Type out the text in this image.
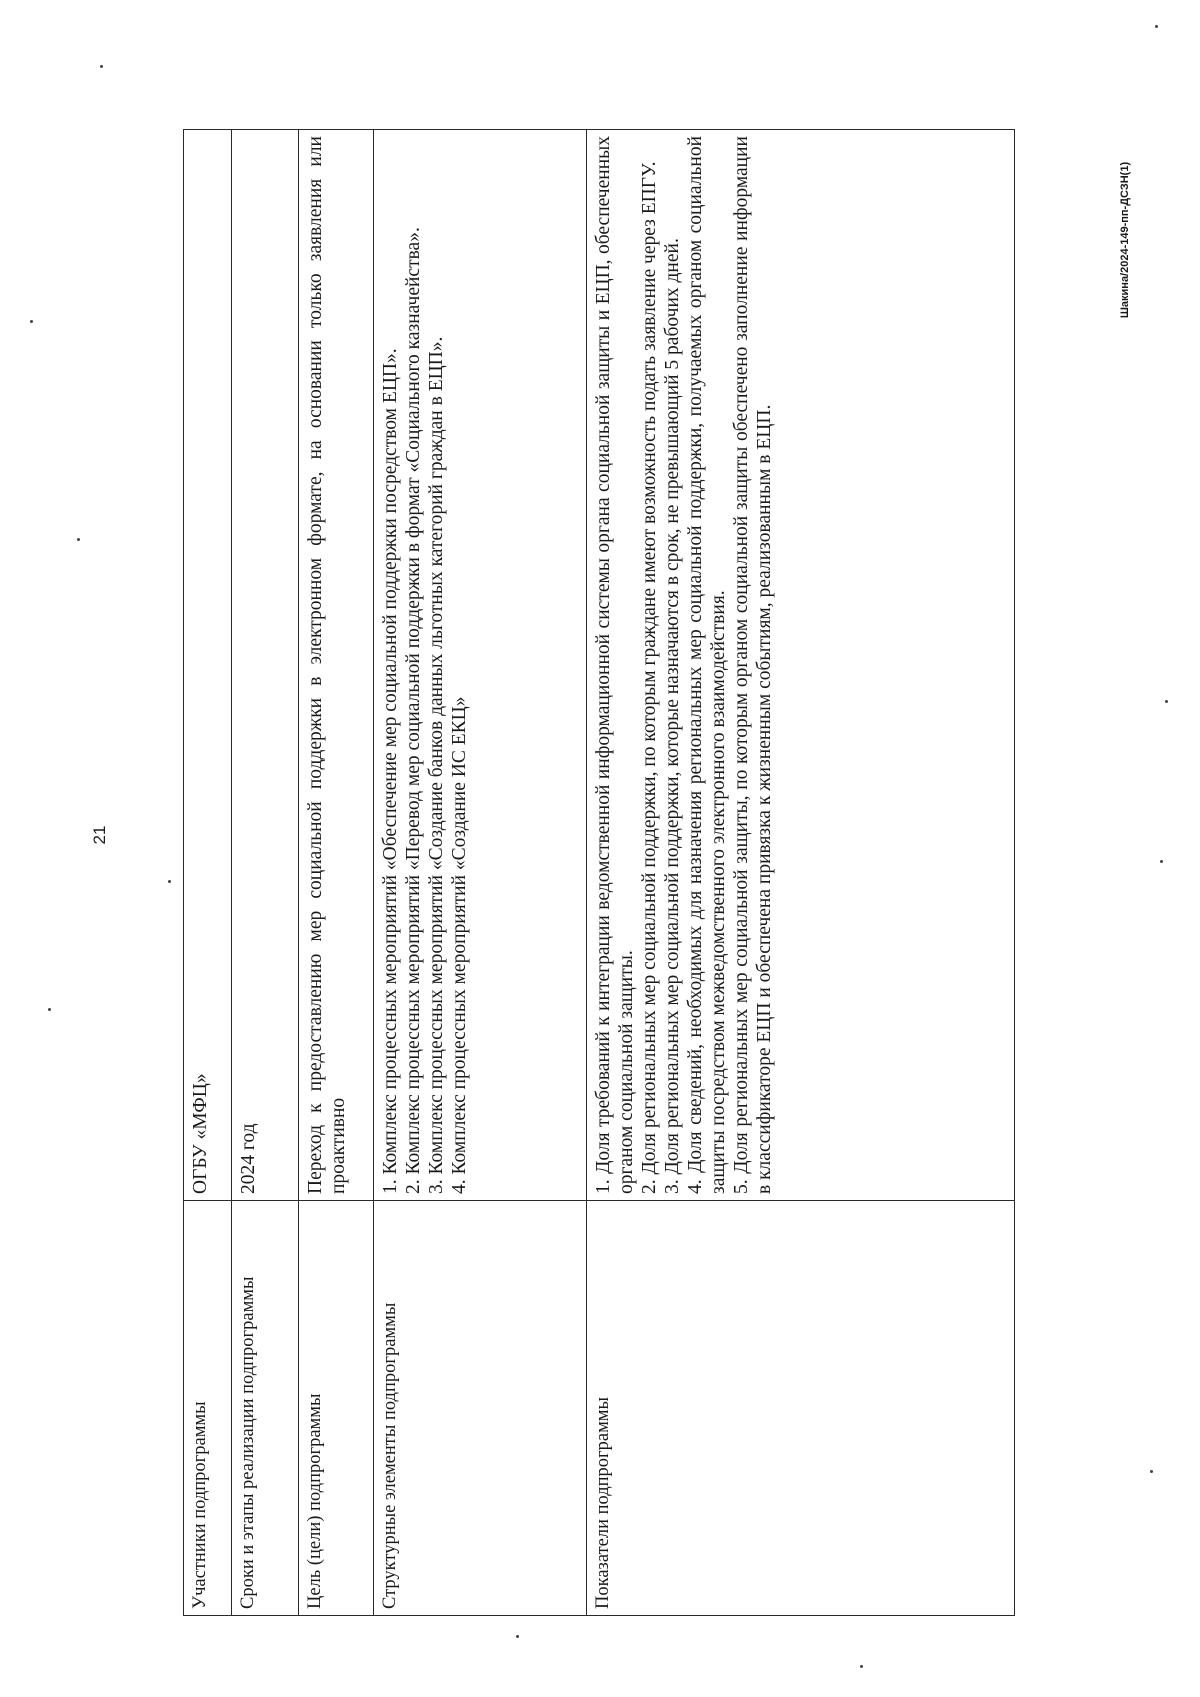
21
Шакина/2024-149-пп-ДСЗН(1)
Участники подпрограммы	ОГБУ «МФЦ»
Сроки и этапы реализации подпрограммы	2024 год
Цель (цели) подпрограммы	Переход к предоставлению мер социальной поддержки в электронном формате, на основании только заявления или проактивно
Структурные элементы подпрограммы	1. Комплекс процессных мероприятий «Обеспечение мер социальной поддержки посредством ЕЦП». 2. Комплекс процессных мероприятий «Перевод мер социальной поддержки в формат «Социального казначейства». 3. Комплекс процессных мероприятий «Создание банков данных льготных категорий граждан в ЕЦП». 4. Комплекс процессных мероприятий «Создание ИС ЕКЦ»

Показатели подпрограммы	1. Доля требований к интеграции ведомственной информационной системы органа социальной защиты и ЕЦП, обеспеченных органом социальной защиты. 2. Доля региональных мер социальной поддержки, по которым граждане имеют возможность подать заявление через ЕПГУ. 3. Доля региональных мер социальной поддержки, которые назначаются в срок, не превышающий 5 рабочих дней. 4. Доля сведений, необходимых для назначения региональных мер социальной поддержки, получаемых органом социальной защиты посредством межведомственного электронного взаимодействия. 5. Доля региональных мер социальной защиты, по которым органом социальной защиты обеспечено заполнение информации в классификаторе ЕЦП и обеспечена привязка к жизненным событиям, реализованным в ЕЦП.
